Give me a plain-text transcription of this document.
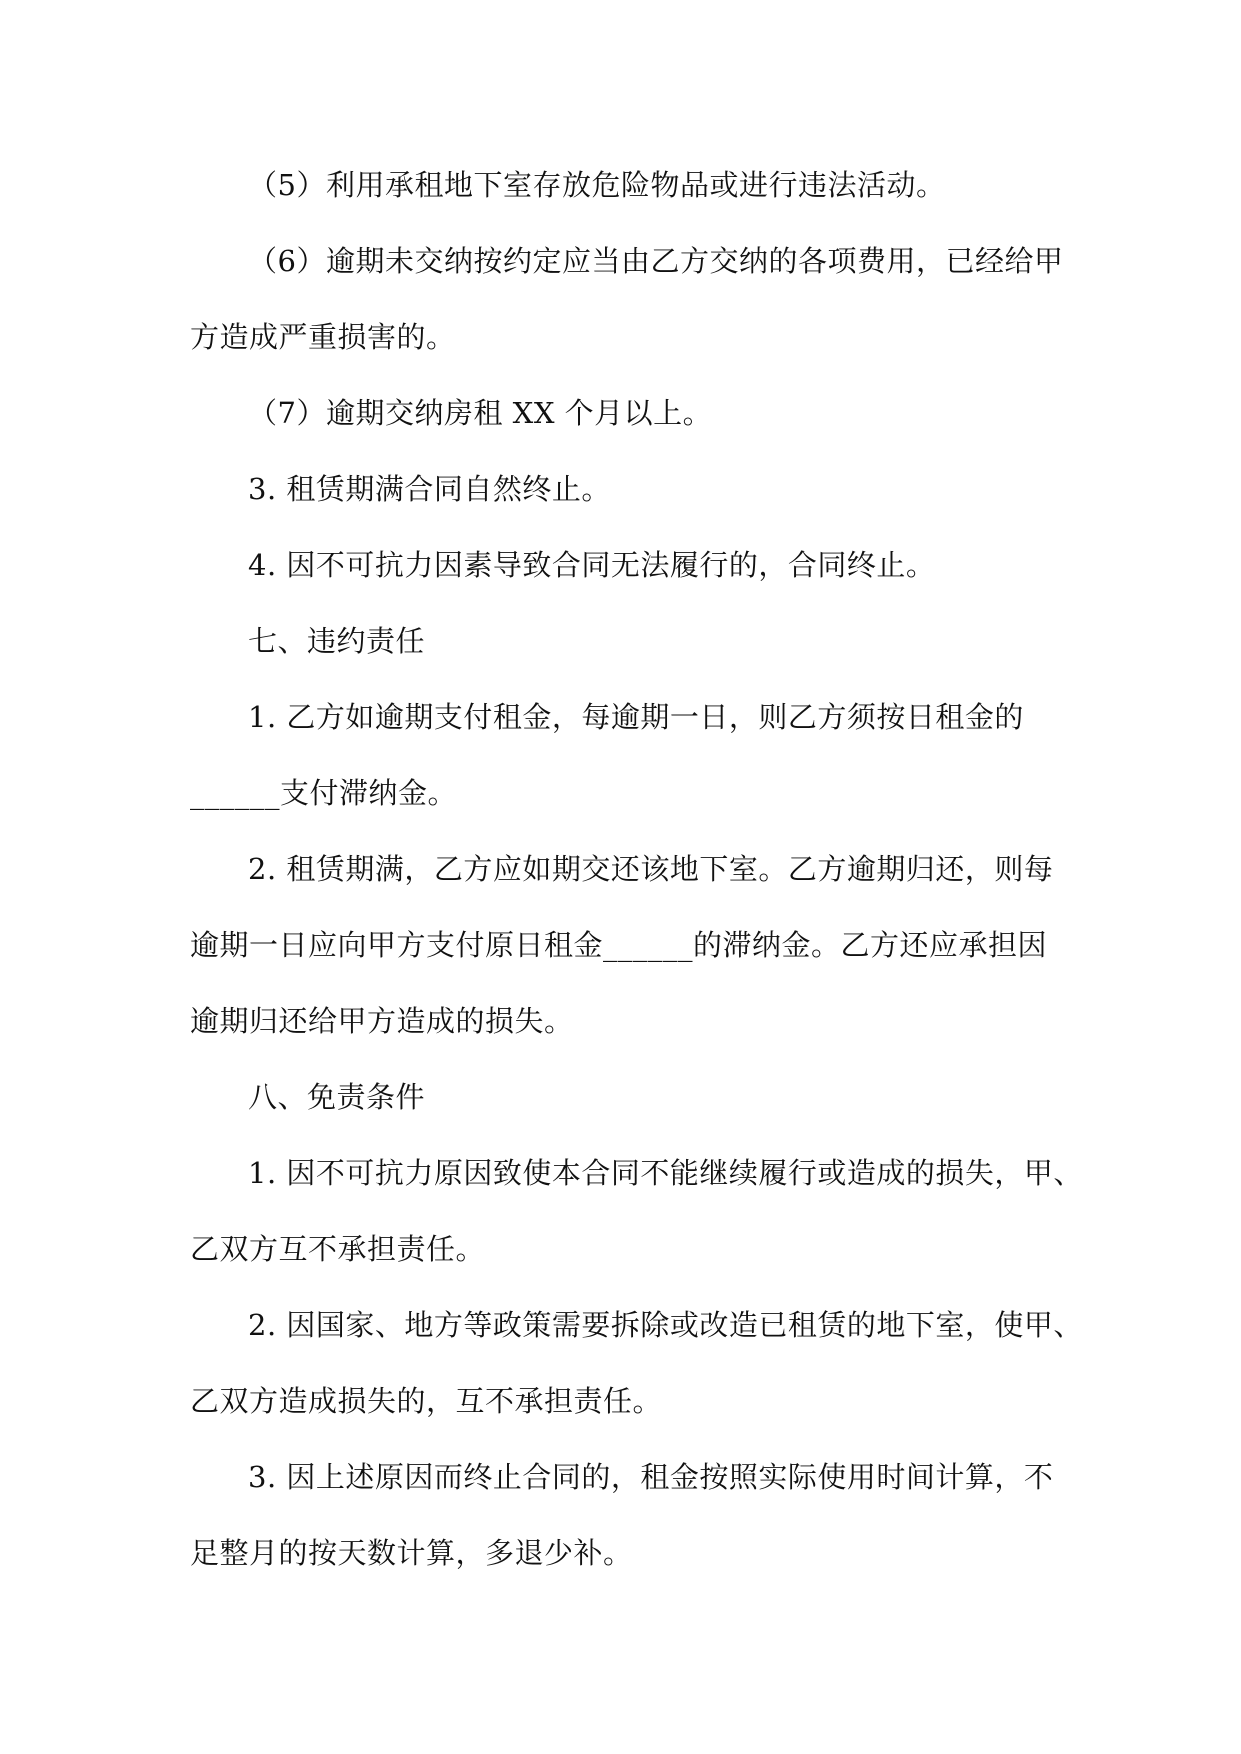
（5）利用承租地下室存放危险物品或进行违法活动。
（6）逾期未交纳按约定应当由乙方交纳的各项费用，已经给甲
方造成严重损害的。
（7）逾期交纳房租 XX 个月以上。
3. 租赁期满合同自然终止。
4. 因不可抗力因素导致合同无法履行的，合同终止。
七、违约责任
1. 乙方如逾期支付租金，每逾期一日，则乙方须按日租金的
______支付滞纳金。
2. 租赁期满，乙方应如期交还该地下室。乙方逾期归还，则每
逾期一日应向甲方支付原日租金______的滞纳金。乙方还应承担因
逾期归还给甲方造成的损失。
八、免责条件
1. 因不可抗力原因致使本合同不能继续履行或造成的损失，甲、
乙双方互不承担责任。
2. 因国家、地方等政策需要拆除或改造已租赁的地下室，使甲、
乙双方造成损失的，互不承担责任。
3. 因上述原因而终止合同的，租金按照实际使用时间计算，不
足整月的按天数计算，多退少补。
